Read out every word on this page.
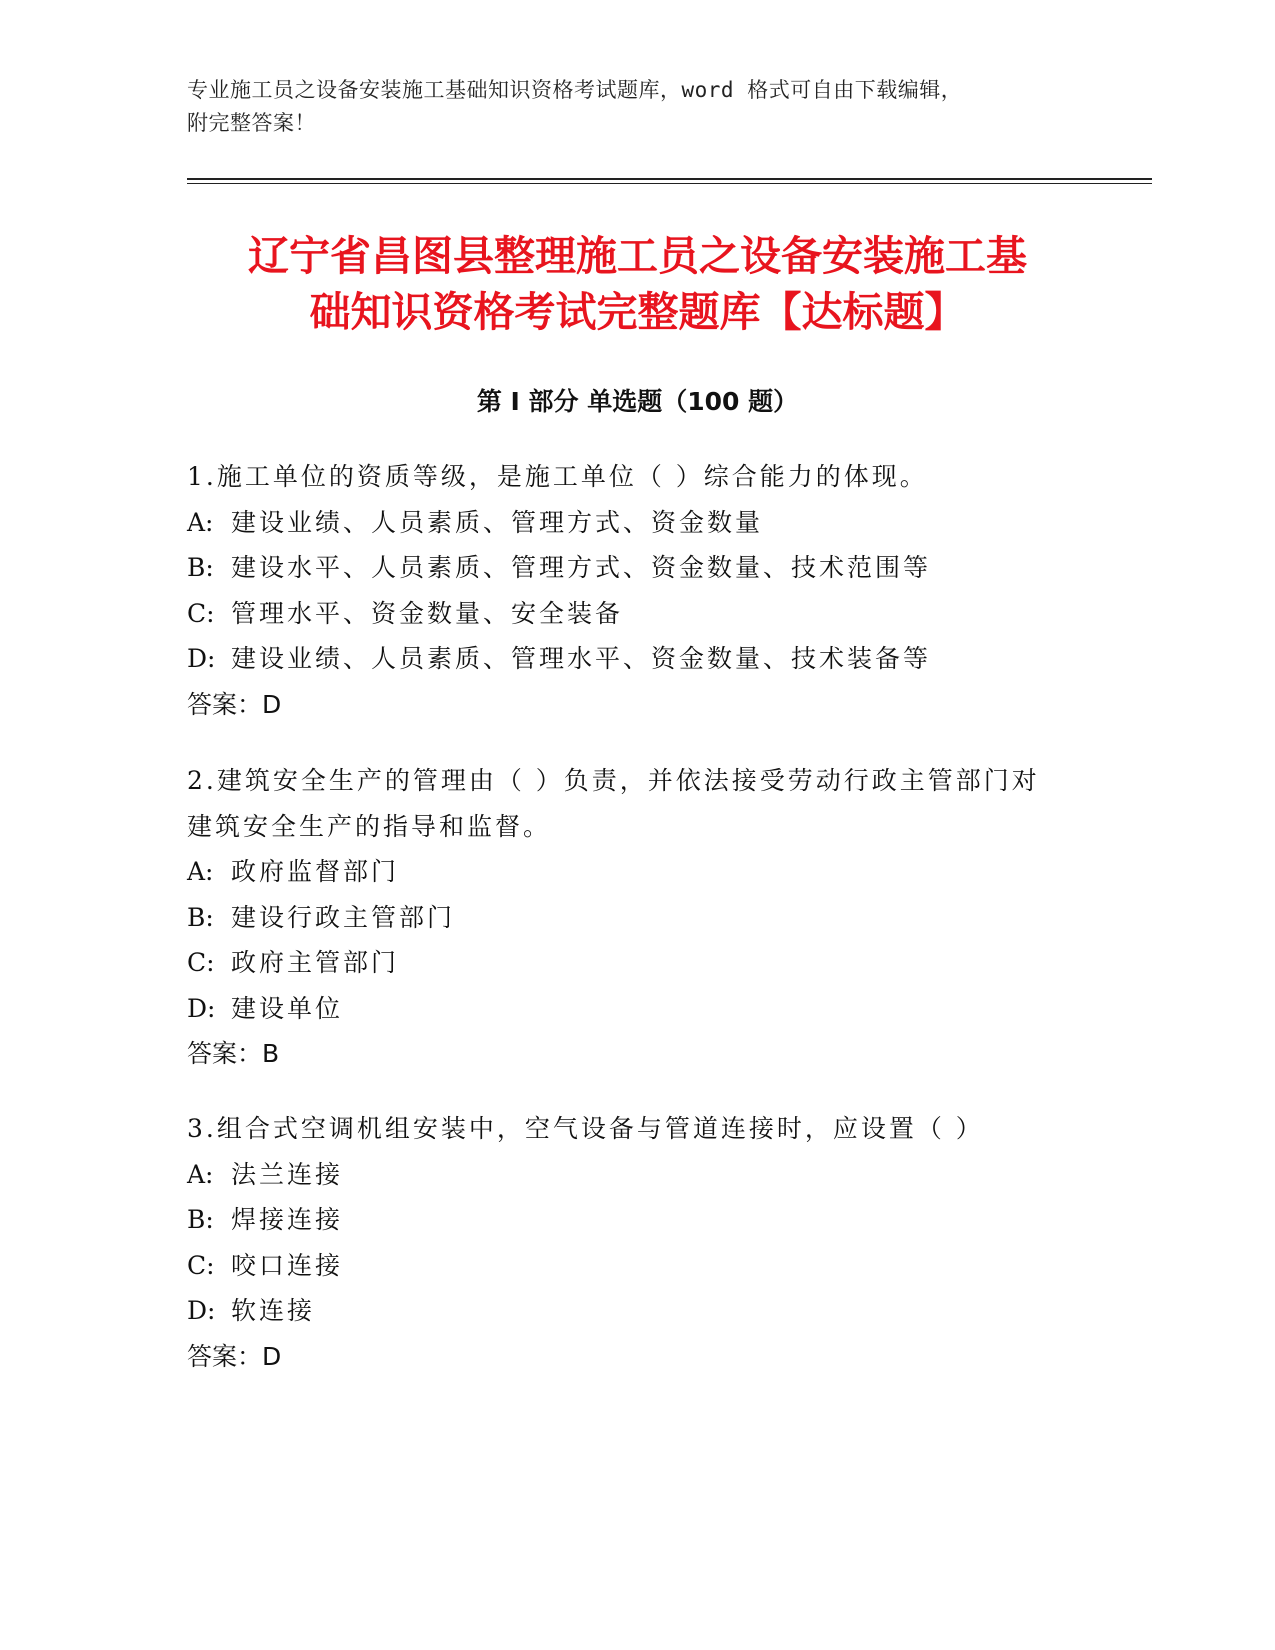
专业施工员之设备安装施工基础知识资格考试题库，word 格式可自由下载编辑，
附完整答案！
辽宁省昌图县整理施工员之设备安装施工基
础知识资格考试完整题库【达标题】
第 I 部分 单选题（100 题）
1.施工单位的资质等级，是施工单位（ ）综合能力的体现。
A: 建设业绩、人员素质、管理方式、资金数量
B: 建设水平、人员素质、管理方式、资金数量、技术范围等
C: 管理水平、资金数量、安全装备
D: 建设业绩、人员素质、管理水平、资金数量、技术装备等
答案：D
2.建筑安全生产的管理由（ ）负责，并依法接受劳动行政主管部门对
建筑安全生产的指导和监督。
A: 政府监督部门
B: 建设行政主管部门
C: 政府主管部门
D: 建设单位
答案：B
3.组合式空调机组安装中，空气设备与管道连接时，应设置（ ）
A: 法兰连接
B: 焊接连接
C: 咬口连接
D: 软连接
答案：D
